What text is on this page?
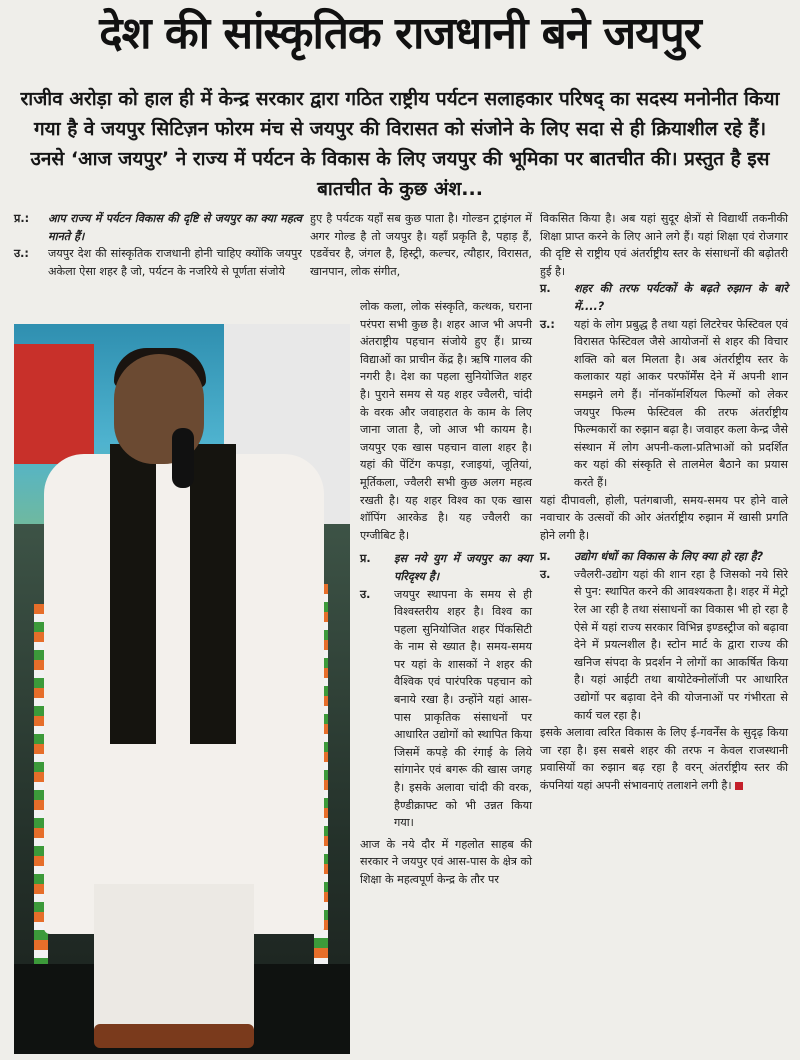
देश की सांस्कृतिक राजधानी बने जयपुर
राजीव अरोड़ा को हाल ही में केन्द्र सरकार द्वारा गठित राष्ट्रीय पर्यटन सलाहकार परिषद् का सदस्य मनोनीत किया गया है वे जयपुर सिटिज़न फोरम मंच से जयपुर की विरासत को संजोने के लिए सदा से ही क्रियाशील रहे हैं। उनसे ‘आज जयपुर’ ने राज्य में पर्यटन के विकास के लिए जयपुर की भूमिका पर बातचीत की। प्रस्तुत है इस बातचीत के कुछ अंश...
प्र.:	आप राज्य में पर्यटन विकास की दृष्टि से जयपुर का क्या महत्व मानते हैं।
उ.:	जयपुर देश की सांस्कृतिक राजधानी होनी चाहिए क्योंकि जयपुर अकेला ऐसा शहर है जो, पर्यटन के नजरिये से पूर्णता संजोये

हुए है पर्यटक यहाँ सब कुछ पाता है। गोल्डन ट्राइंगल में अगर गोल्ड है तो जयपुर है। यहाँ प्रकृति है, पहाड़ हैं, एडवेंचर है, जंगल है, हिस्ट्री, कल्चर, त्यौहार, विरासत, खानपान, लोक संगीत,

लोक कला, लोक संस्कृति, कत्थक, घराना परंपरा सभी कुछ है। शहर आज भी अपनी अंतराष्ट्रीय पहचान संजोये हुए हैं। प्राच्य विद्याओं का प्राचीन केंद्र है। ऋषि गालव की नगरी है। देश का पहला सुनियोजित शहर है। पुराने समय से यह शहर ज्वैलरी, चांदी के वरक और जवाहरात के काम के लिए जाना जाता है, जो आज भी कायम है। जयपुर एक खास पहचान वाला शहर है। यहां की पेंटिंग कपड़ा, रजाइयां, जूतियां, मूर्तिकला, ज्वैलरी सभी कुछ अलग महत्व रखती है। यह शहर विश्व का एक खास शॉपिंग आरकेड है। यह ज्वैलरी का एग्जीबिट है।

प्र.	इस नये युग में जयपुर का क्या परिदृश्य है।
उ.	जयपुर स्थापना के समय से ही विश्वस्तरीय शहर है। विश्व का पहला सुनियोजित शहर पिंकसिटी के नाम से ख्यात है। समय-समय पर यहां के शासकों ने शहर की वैश्विक एवं पारंपरिक पहचान को बनाये रखा है। उन्होंने यहां आस-पास प्राकृतिक संसाधनों पर आधारित उद्योगों को स्थापित किया जिसमें कपड़े की रंगाई के लिये सांगानेर एवं बगरू की खास जगह है। इसके अलावा चांदी की वरक, हैण्डीक्राफ्ट को भी उन्नत किया गया।

आज के नये दौर में गहलोत साहब की सरकार ने जयपुर एवं आस-पास के क्षेत्र को शिक्षा के महत्वपूर्ण केन्द्र के तौर पर

विकसित किया है। अब यहां सुदूर क्षेत्रों से विद्यार्थी तकनीकी शिक्षा प्राप्त करने के लिए आने लगे हैं। यहां शिक्षा एवं रोजगार की दृष्टि से राष्ट्रीय एवं अंतर्राष्ट्रीय स्तर के संसाधनों की बढ़ोतरी हुई है।

प्र.	शहर की तरफ पर्यटकों के बढ़ते रुझान के बारे में....?
उ.:	यहां के लोग प्रबुद्ध है तथा यहां लिटरेचर फेस्टिवल एवं विरासत फेस्टिवल जैसे आयोजनों से शहर की विचार शक्ति को बल मिलता है। अब अंतर्राष्ट्रीय स्तर के कलाकार यहां आकर परफॉर्मेंस देने में अपनी शान समझने लगे हैं। नॉनकॉमर्शियल फिल्मों को लेकर जयपुर फिल्म फेस्टिवल की तरफ अंतर्राष्ट्रीय फिल्मकारों का रुझान बढ़ा है। जवाहर कला केन्द्र जैसे संस्थान में लोग अपनी-कला-प्रतिभाओं को प्रदर्शित कर यहां की संस्कृति से तालमेल बैठाने का प्रयास करते हैं।

यहां दीपावली, होली, पतंगबाजी, समय-समय पर होने वाले नवाचार के उत्सवों की ओर अंतर्राष्ट्रीय रुझान में खासी प्रगति होने लगी है।

प्र.	उद्योग धंधों का विकास के लिए क्या हो रहा है?
उ.	ज्वैलरी-उद्योग यहां की शान रहा है जिसको नये सिरे से पुन: स्थापित करने की आवश्यकता है। शहर में मेट्रो रेल आ रही है तथा संसाधनों का विकास भी हो रहा है ऐसे में यहां राज्य सरकार विभिन्न इण्डस्ट्रीज को बढ़ावा देने में प्रयत्नशील है। स्टोन मार्ट के द्वारा राज्य की खनिज संपदा के प्रदर्शन ने लोगों का आकर्षित किया है। यहां आईटी तथा बायोटेक्नोलॉजी पर आधारित उद्योगों पर बढ़ावा देने की योजनाओं पर गंभीरता से कार्य चल रहा है।

इसके अलावा त्वरित विकास के लिए ई-गवर्नेंस के सुदृढ़ किया जा रहा है। इस सबसे शहर की तरफ न केवल राजस्थानी प्रवासियों का रुझान बढ़ रहा है वरन् अंतर्राष्ट्रीय स्तर की कंपनियां यहां अपनी संभावनाएं तलाशने लगी है।
